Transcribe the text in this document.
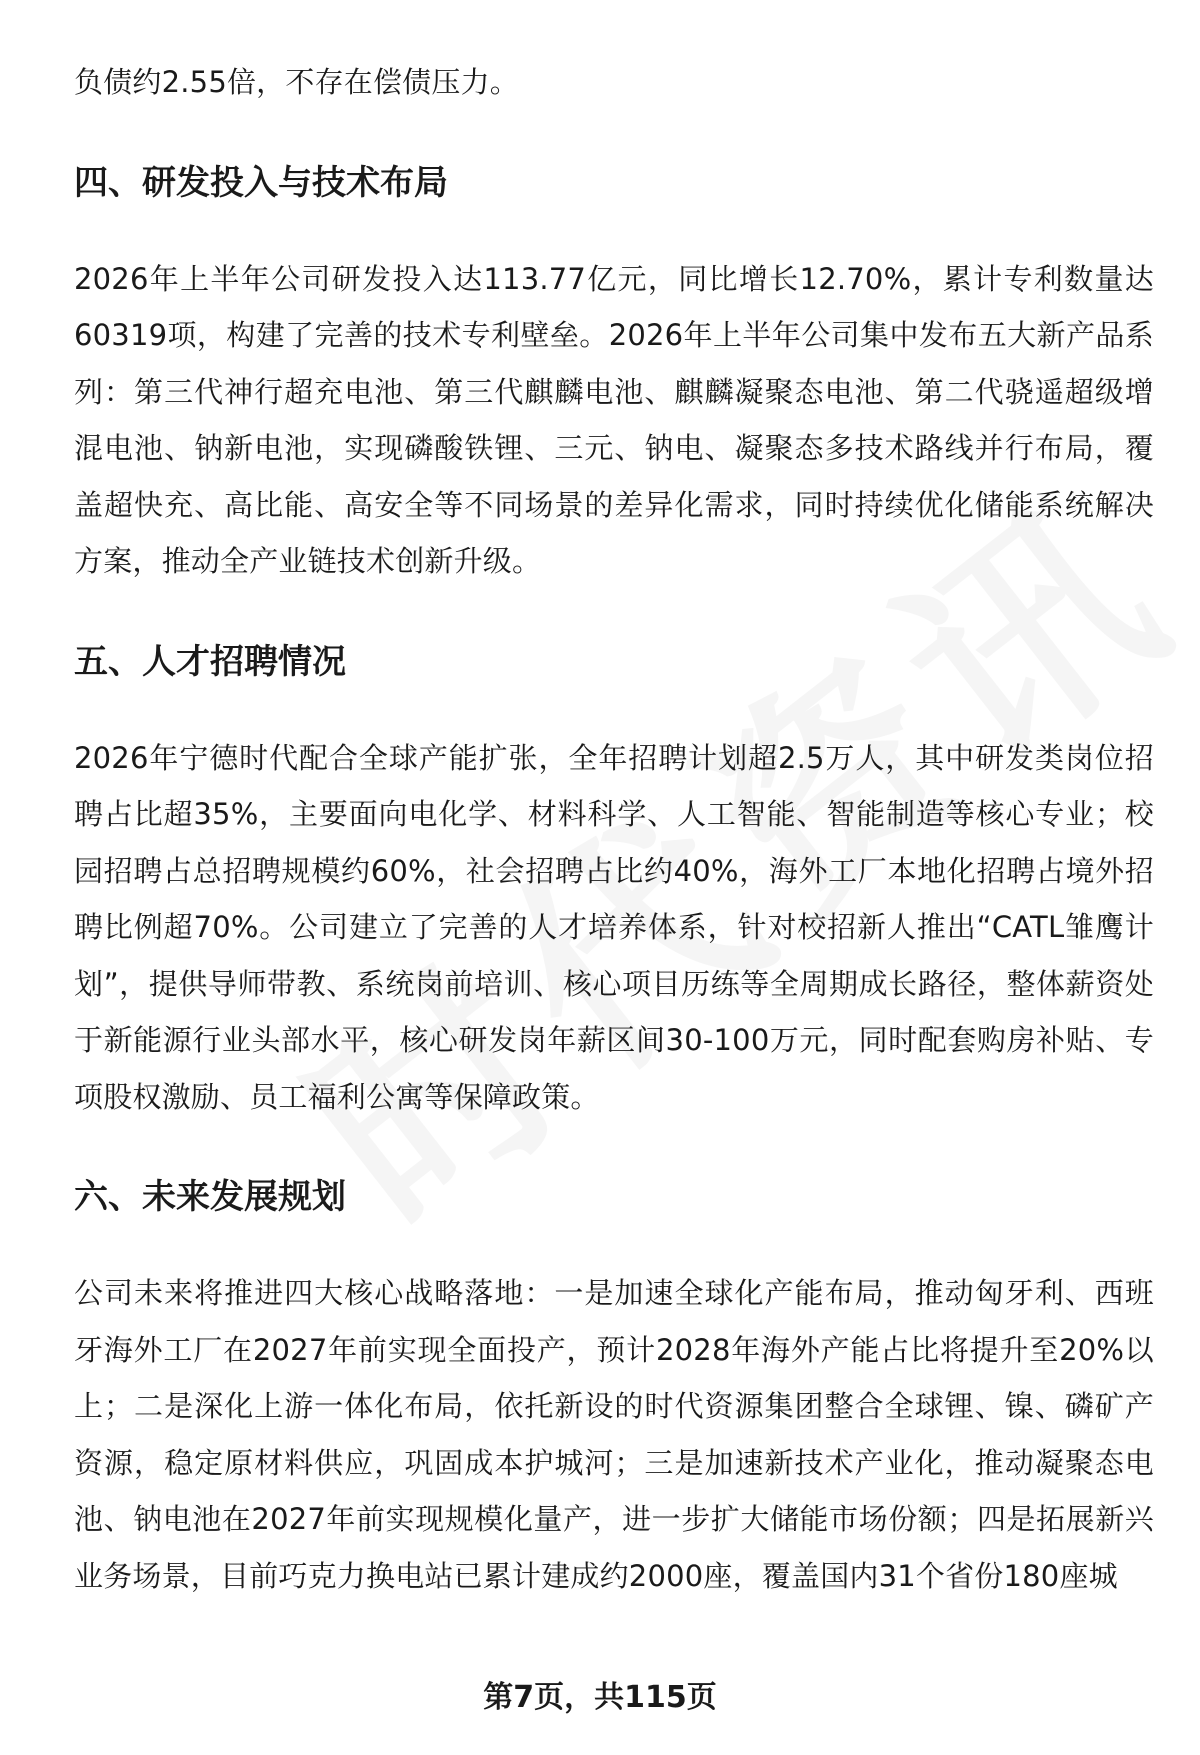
负债约2.55倍，不存在偿债压力。

四、研发投入与技术布局

2026年上半年公司研发投入达113.77亿元，同比增长12.70%，累计专利数量达60319项，构建了完善的技术专利壁垒。2026年上半年公司集中发布五大新产品系列：第三代神行超充电池、第三代麒麟电池、麒麟凝聚态电池、第二代骁遥超级增混电池、钠新电池，实现磷酸铁锂、三元、钠电、凝聚态多技术路线并行布局，覆盖超快充、高比能、高安全等不同场景的差异化需求，同时持续优化储能系统解决方案，推动全产业链技术创新升级。

五、人才招聘情况

2026年宁德时代配合全球产能扩张，全年招聘计划超2.5万人，其中研发类岗位招聘占比超35%，主要面向电化学、材料科学、人工智能、智能制造等核心专业；校园招聘占总招聘规模约60%，社会招聘占比约40%，海外工厂本地化招聘占境外招聘比例超70%。公司建立了完善的人才培养体系，针对校招新人推出“CATL雏鹰计划”，提供导师带教、系统岗前培训、核心项目历练等全周期成长路径，整体薪资处于新能源行业头部水平，核心研发岗年薪区间30-100万元，同时配套购房补贴、专项股权激励、员工福利公寓等保障政策。

六、未来发展规划

公司未来将推进四大核心战略落地：一是加速全球化产能布局，推动匈牙利、西班牙海外工厂在2027年前实现全面投产，预计2028年海外产能占比将提升至20%以上；二是深化上游一体化布局，依托新设的时代资源集团整合全球锂、镍、磷矿产资源，稳定原材料供应，巩固成本护城河；三是加速新技术产业化，推动凝聚态电池、钠电池在2027年前实现规模化量产，进一步扩大储能市场份额；四是拓展新兴业务场景，目前巧克力换电站已累计建成约2000座，覆盖国内31个省份180座城

第7页，共115页
